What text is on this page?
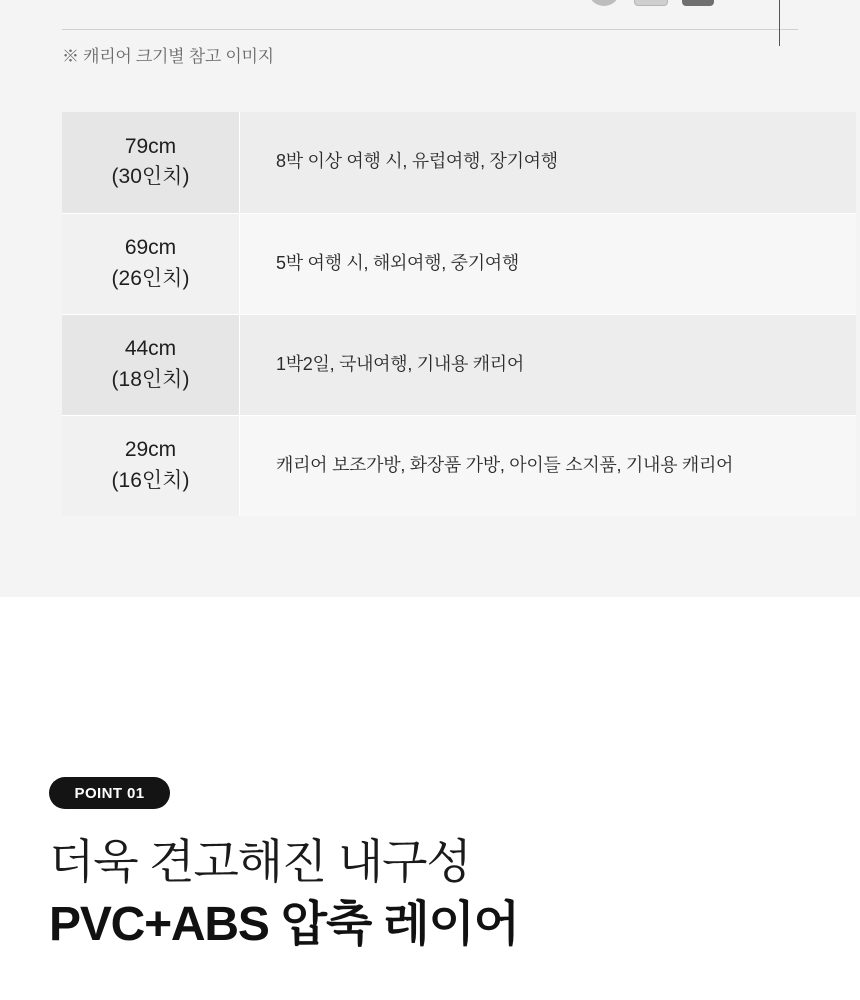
※ 캐리어 크기별 참고 이미지
79cm
(30인치)	8박 이상 여행 시, 유럽여행, 장기여행

69cm
(26인치)	5박 여행 시, 해외여행, 중기여행

44cm
(18인치)	1박2일, 국내여행, 기내용 캐리어

29cm
(16인치)	캐리어 보조가방, 화장품 가방, 아이들 소지품, 기내용 캐리어
POINT 01
더욱 견고해진 내구성
PVC+ABS 압축 레이어
